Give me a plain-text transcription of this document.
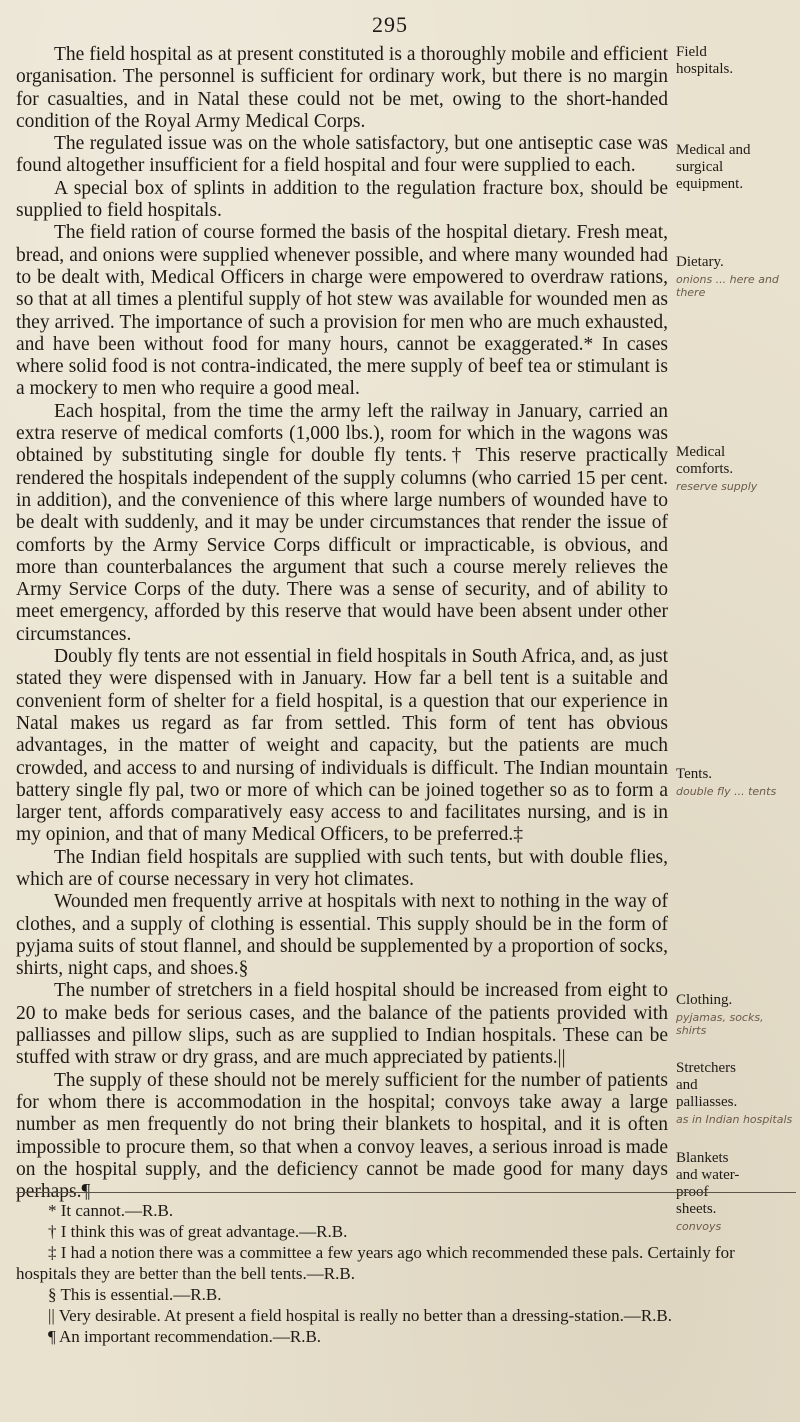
295

The field hospital as at present constituted is a thoroughly mobile and efficient organisation. The personnel is sufficient for ordinary work, but there is no margin for casualties, and in Natal these could not be met, owing to the short-handed condition of the Royal Army Medical Corps.

The regulated issue was on the whole satisfactory, but one antiseptic case was found altogether insufficient for a field hospital and four were supplied to each.

A special box of splints in addition to the regulation fracture box, should be supplied to field hospitals.

The field ration of course formed the basis of the hospital dietary. Fresh meat, bread, and onions were supplied whenever possible, and where many wounded had to be dealt with, Medical Officers in charge were empowered to overdraw rations, so that at all times a plentiful supply of hot stew was available for wounded men as they arrived. The importance of such a provision for men who are much exhausted, and have been without food for many hours, cannot be exaggerated.* In cases where solid food is not contra-indicated, the mere supply of beef tea or stimulant is a mockery to men who require a good meal.

Each hospital, from the time the army left the railway in January, carried an extra reserve of medical comforts (1,000 lbs.), room for which in the wagons was obtained by substituting single for double fly tents.† This reserve practically rendered the hospitals independent of the supply columns (who carried 15 per cent. in addition), and the convenience of this where large numbers of wounded have to be dealt with suddenly, and it may be under circumstances that render the issue of comforts by the Army Service Corps difficult or impracticable, is obvious, and more than counterbalances the argument that such a course merely relieves the Army Service Corps of the duty. There was a sense of security, and of ability to meet emergency, afforded by this reserve that would have been absent under other circumstances.

Doubly fly tents are not essential in field hospitals in South Africa, and, as just stated they were dispensed with in January. How far a bell tent is a suitable and convenient form of shelter for a field hospital, is a question that our experience in Natal makes us regard as far from settled. This form of tent has obvious advantages, in the matter of weight and capacity, but the patients are much crowded, and access to and nursing of individuals is difficult. The Indian mountain battery single fly pal, two or more of which can be joined together so as to form a larger tent, affords comparatively easy access to and facilitates nursing, and is in my opinion, and that of many Medical Officers, to be preferred.‡

The Indian field hospitals are supplied with such tents, but with double flies, which are of course necessary in very hot climates.

Wounded men frequently arrive at hospitals with next to nothing in the way of clothes, and a supply of clothing is essential. This supply should be in the form of pyjama suits of stout flannel, and should be supplemented by a proportion of socks, shirts, night caps, and shoes.§

The number of stretchers in a field hospital should be increased from eight to 20 to make beds for serious cases, and the balance of the patients provided with palliasses and pillow slips, such as are supplied to Indian hospitals. These can be stuffed with straw or dry grass, and are much appreciated by patients.||

The supply of these should not be merely sufficient for the number of patients for whom there is accommodation in the hospital; convoys take away a large number as men frequently do not bring their blankets to hospital, and it is often impossible to procure them, so that when a convoy leaves, a serious inroad is made on the hospital supply, and the deficiency cannot be made good for many days perhaps.¶

Field
hospitals.
Medical and
surgical
equipment.
Dietary.
onions ... here and there
Medical
comforts.
reserve supply
Tents.
double fly ... tents
Clothing.
pyjamas, socks, shirts
Stretchers
and
palliasses.
as in Indian hospitals
Blankets
and water-
proof
sheets.
convoys

* It cannot.—R.B.

† I think this was of great advantage.—R.B.

‡ I had a notion there was a committee a few years ago which recommended these pals. Certainly for hospitals they are better than the bell tents.—R.B.

§ This is essential.—R.B.

|| Very desirable. At present a field hospital is really no better than a dressing-station.—R.B.

¶ An important recommendation.—R.B.
